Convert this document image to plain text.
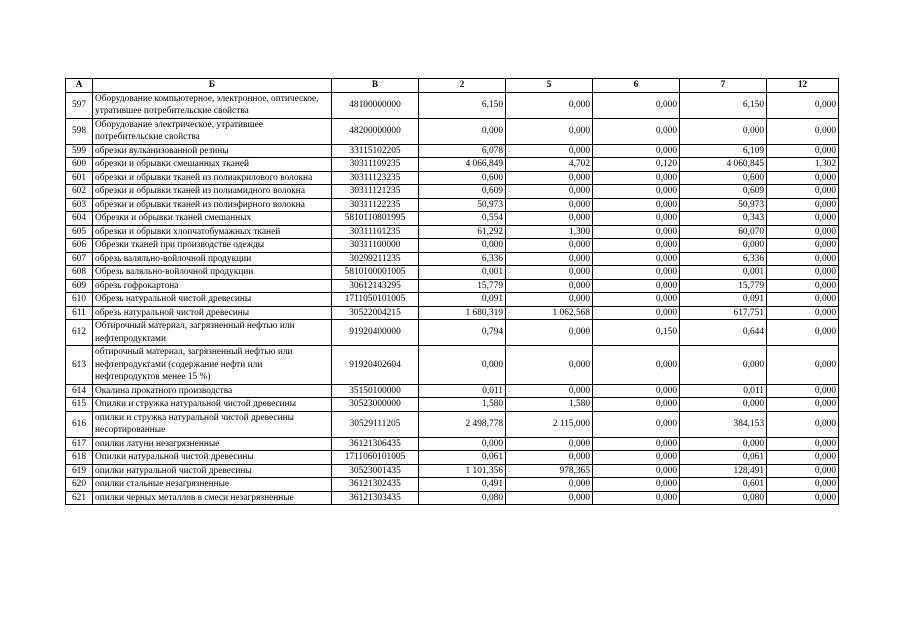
А	Б	В	2	5	6	7	12
597	Оборудование компьютерное, электронное, оптическое, утратившее потребительские свойства	48100000000	6,150	0,000	0,000	6,150	0,000
598	Оборудование электрическое, утратившее потребительские свойства	48200000000	0,000	0,000	0,000	0,000	0,000
599	обрезки вулканизованной резины	33115102205	6,078	0,000	0,000	6,109	0,000
600	обрезки и обрывки смешанных тканей	30311109235	4 066,849	4,702	0,120	4 060,845	1,302
601	обрезки и обрывки тканей из полиакрилового волокна	30311123235	0,600	0,000	0,000	0,600	0,000
602	обрезки и обрывки тканей из полиамидного волокна	30311121235	0,609	0,000	0,000	0,609	0,000
603	обрезки и обрывки тканей из полиэфирного волокна	30311122235	50,973	0,000	0,000	50,973	0,000
604	Обрезки и обрывки тканей смешанных	5810110801995	0,554	0,000	0,000	0,343	0,000
605	обрезки и обрывки хлопчатобумажных тканей	30311101235	61,292	1,300	0,000	60,070	0,000
606	Обрезки тканей при производстве одежды	30311100000	0,000	0,000	0,000	0,000	0,000
607	обрезь валяльно-войлочной продукции	30299211235	6,336	0,000	0,000	6,336	0,000
608	Обрезь валяльно-войлочной продукции	5810100001005	0,001	0,000	0,000	0,001	0,000
609	обрезь гофрокартона	30612143295	15,779	0,000	0,000	15,779	0,000
610	Обрезь натуральной чистой древесины	1711050101005	0,091	0,000	0,000	0,091	0,000
611	обрезь натуральной чистой древесины	30522004215	1 680,319	1 062,568	0,000	617,751	0,000
612	Обтирочный материал, загрязненный нефтью или нефтепродуктами	91920400000	0,794	0,000	0,150	0,644	0,000
613	обтирочный материал, загрязненный нефтью или нефтепродуктами (содержание нефти или нефтепродуктов менее 15 %)	91920402604	0,000	0,000	0,000	0,000	0,000
614	Окалина прокатного производства	35150100000	0,011	0,000	0,000	0,011	0,000
615	Опилки и стружка натуральной чистой древесины	30523000000	1,580	1,580	0,000	0,000	0,000
616	опилки и стружка натуральной чистой древесины несортированные	30529111205	2 498,778	2 115,000	0,000	384,153	0,000
617	опилки латуни незагрязненные	36121306435	0,000	0,000	0,000	0,000	0,000
618	Опилки натуральной чистой древесины	1711060101005	0,061	0,000	0,000	0,061	0,000
619	опилки натуральной чистой древесины	30523001435	1 101,356	978,365	0,000	128,491	0,000
620	опилки стальные незагрязненные	36121302435	0,491	0,000	0,000	0,601	0,000
621	опилки черных металлов в смеси незагрязненные	36121303435	0,080	0,000	0,000	0,080	0,000
